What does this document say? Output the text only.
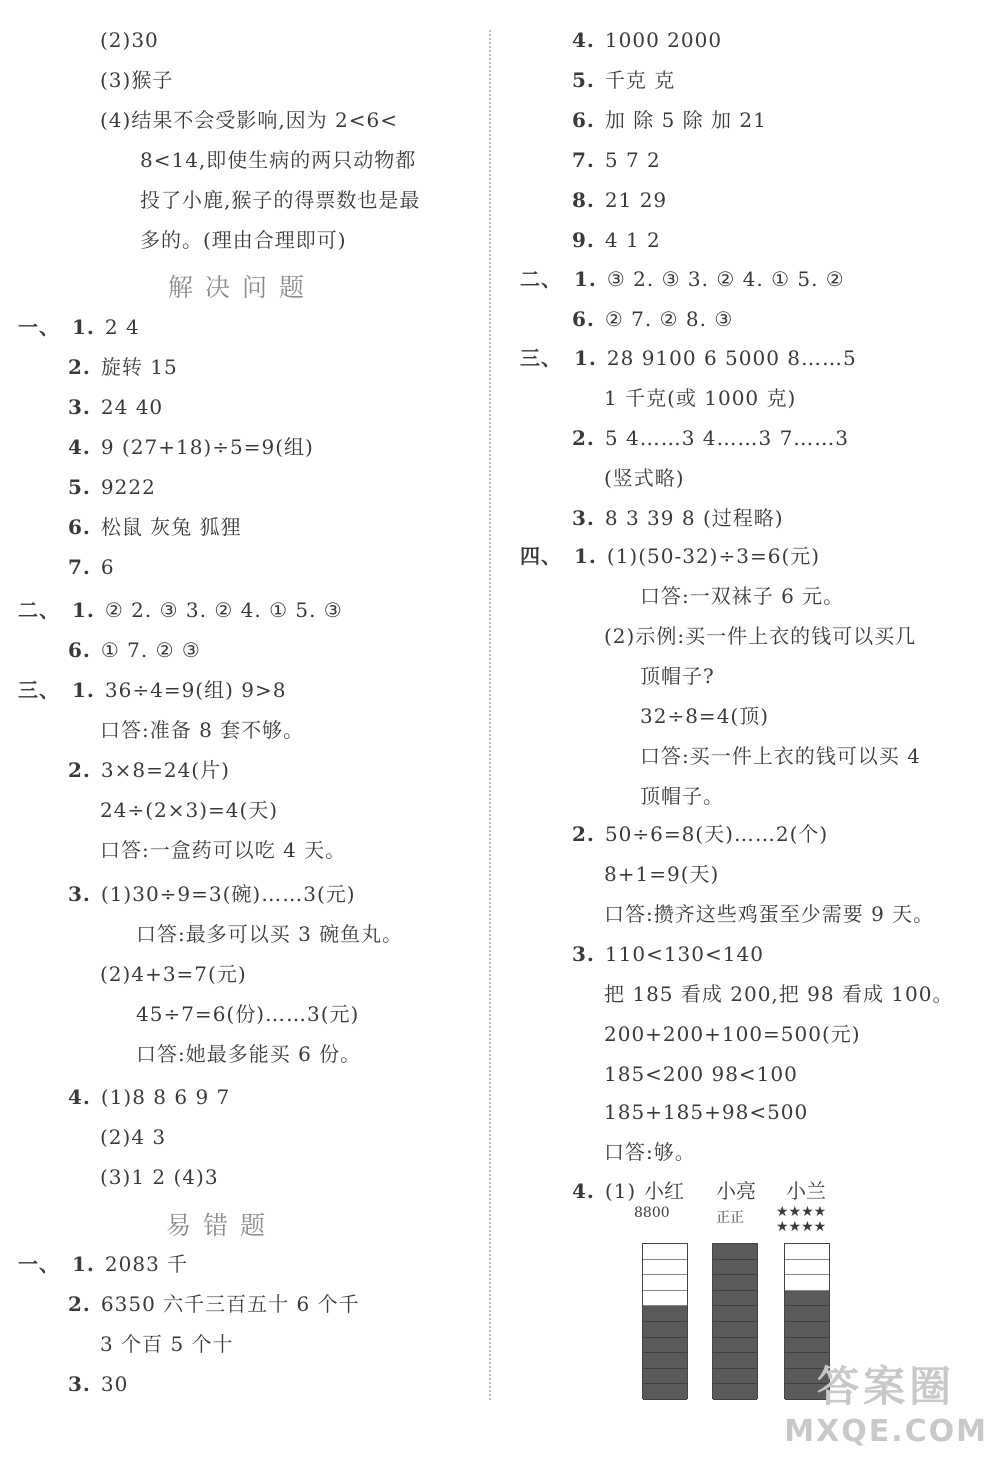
解决问题
易错题
(2)30
(3)猴子
(4)结果不会受影响,因为 2<6<
8<14,即使生病的两只动物都
投了小鹿,猴子的得票数也是最
多的。(理由合理即可)
一、 1. 2 4
2. 旋转 15
3. 24 40
4. 9 (27+18)÷5=9(组)
5. 9222
6. 松鼠 灰兔 狐狸
7. 6
二、 1. ② 2. ③ 3. ② 4. ① 5. ③
6. ① 7. ② ③
三、 1. 36÷4=9(组) 9>8
口答:准备 8 套不够。
2. 3×8=24(片)
24÷(2×3)=4(天)
口答:一盒药可以吃 4 天。
3. (1)30÷9=3(碗)……3(元)
口答:最多可以买 3 碗鱼丸。
(2)4+3=7(元)
45÷7=6(份)……3(元)
口答:她最多能买 6 份。
4. (1)8 8 6 9 7
(2)4 3
(3)1 2 (4)3
一、 1. 2083 千
2. 6350 六千三百五十 6 个千
3 个百 5 个十
3. 30
4. 1000 2000
5. 千克 克
6. 加 除 5 除 加 21
7. 5 7 2
8. 21 29
9. 4 1 2
二、 1. ③ 2. ③ 3. ② 4. ① 5. ②
6. ② 7. ② 8. ③
三、 1. 28 9100 6 5000 8……5
1 千克(或 1000 克)
2. 5 4……3 4……3 7……3
(竖式略)
3. 8 3 39 8 (过程略)
四、 1. (1)(50-32)÷3=6(元)
口答:一双袜子 6 元。
(2)示例:买一件上衣的钱可以买几
顶帽子?
32÷8=4(顶)
口答:买一件上衣的钱可以买 4
顶帽子。
2. 50÷6=8(天)……2(个)
8+1=9(天)
口答:攒齐这些鸡蛋至少需要 9 天。
3. 110<130<140
把 185 看成 200,把 98 看成 100。
200+200+100=500(元)
185<200 98<100
185+185+98<500
口答:够。
4. (1) 小红 小亮 小兰
8800	正正 ★★★★ ★★★★
答案圈
MXQE.COM
